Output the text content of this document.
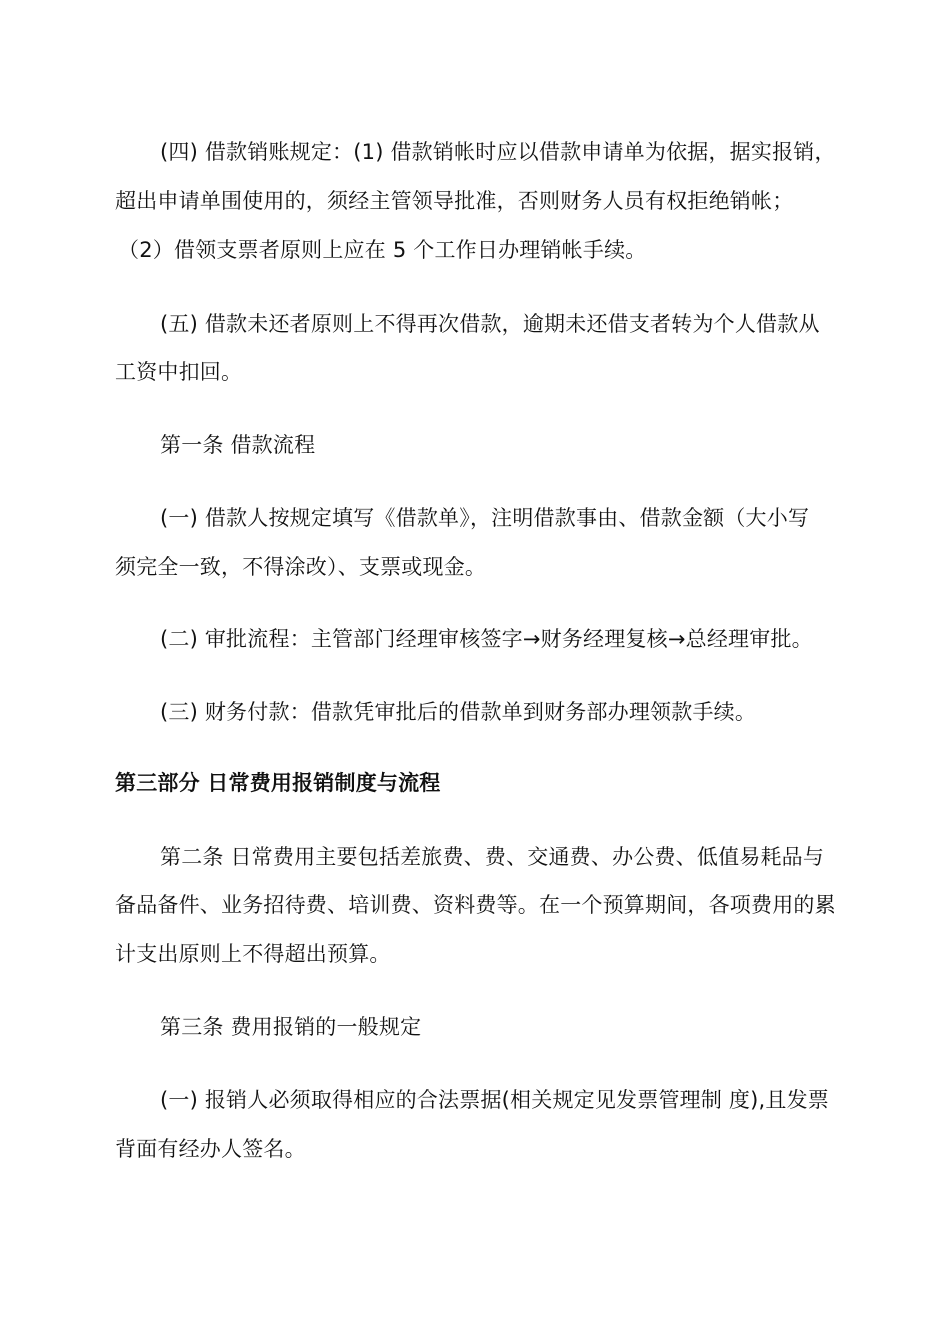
(四) 借款销账规定：(1) 借款销帐时应以借款申请单为依据，据实报销，
超出申请单围使用的，须经主管领导批准，否则财务人员有权拒绝销帐；
（2）借领支票者原则上应在 5 个工作日办理销帐手续。
(五) 借款未还者原则上不得再次借款，逾期未还借支者转为个人借款从
工资中扣回。
第一条 借款流程
(一) 借款人按规定填写《借款单》，注明借款事由、借款金额（大小写
须完全一致，不得涂改）、支票或现金。
(二) 审批流程：主管部门经理审核签字→财务经理复核→总经理审批。
(三) 财务付款：借款凭审批后的借款单到财务部办理领款手续。
第三部分 日常费用报销制度与流程
第二条 日常费用主要包括差旅费、费、交通费、办公费、低值易耗品与
备品备件、业务招待费、培训费、资料费等。在一个预算期间，各项费用的累
计支出原则上不得超出预算。
第三条 费用报销的一般规定
(一) 报销人必须取得相应的合法票据(相关规定见发票管理制 度),且发票
背面有经办人签名。
